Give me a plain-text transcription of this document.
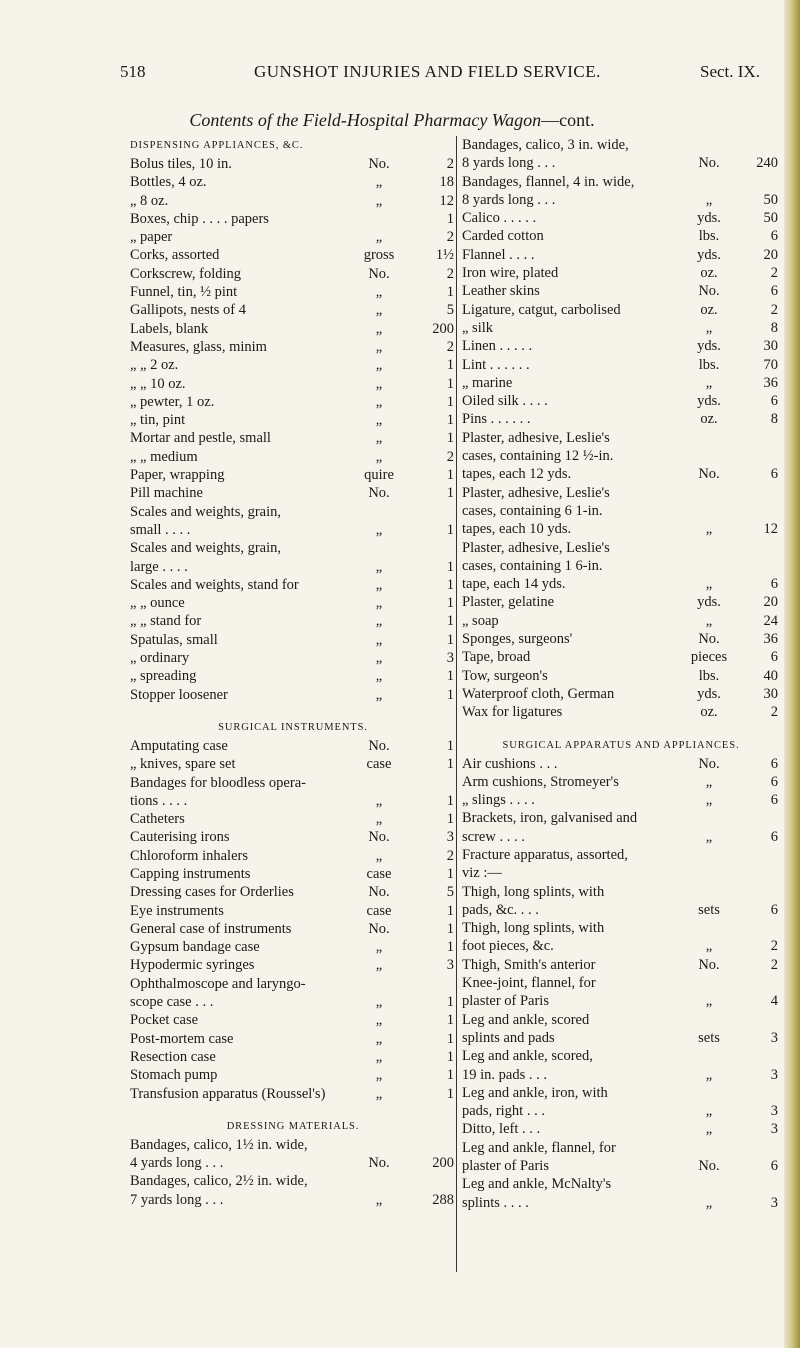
518	GUNSHOT INJURIES AND FIELD SERVICE.	Sect. IX.
Contents of the Field-Hospital Pharmacy Wagon—cont.
DISPENSING APPLIANCES, &C.
Bolus tiles, 10 in.	No.	2
Bottles, 4 oz.	„	18
„ 8 oz.	„	12
Boxes, chip . . . . papers	1
„ paper	„	2
Corks, assorted	gross	1½
Corkscrew, folding	No.	2
Funnel, tin, ½ pint	„	1
Gallipots, nests of 4	„	5
Labels, blank	„	200
Measures, glass, minim	„	2
„ „ 2 oz.	„	1
„ „ 10 oz.	„	1
„ pewter, 1 oz.	„	1
„ tin, pint	„	1
Mortar and pestle, small	„	1
„ „ medium	„	2
Paper, wrapping	quire	1
Pill machine	No.	1
Scales and weights, grain,
small . . . .	„	1
Scales and weights, grain,
large . . . .	„	1
Scales and weights, stand for	„	1
„ „ ounce	„	1
„ „ stand for	„	1
Spatulas, small	„	1
„ ordinary	„	3
„ spreading	„	1
Stopper loosener	„	1
SURGICAL INSTRUMENTS.
Amputating case	No.	1
„ knives, spare set	case	1
Bandages for bloodless opera-
tions . . . .	„	1
Catheters	„	1
Cauterising irons	No.	3
Chloroform inhalers	„	2
Capping instruments	case	1
Dressing cases for Orderlies	No.	5
Eye instruments	case	1
General case of instruments	No.	1
Gypsum bandage case	„	1
Hypodermic syringes	„	3
Ophthalmoscope and laryngo-
scope case . . .	„	1
Pocket case	„	1
Post-mortem case	„	1
Resection case	„	1
Stomach pump	„	1
Transfusion apparatus (Roussel's)	„	1
DRESSING MATERIALS.
Bandages, calico, 1½ in. wide,
4 yards long . . .	No.	200
Bandages, calico, 2½ in. wide,
7 yards long . . .	„	288
Bandages, calico, 3 in. wide,
8 yards long . . .	No.	240
Bandages, flannel, 4 in. wide,
8 yards long . . .	„	50
Calico . . . . .	yds.	50
Carded cotton	lbs.	6
Flannel . . . .	yds.	20
Iron wire, plated	oz.	2
Leather skins	No.	6
Ligature, catgut, carbolised	oz.	2
„ silk	„	8
Linen . . . . .	yds.	30
Lint . . . . . .	lbs.	70
„ marine	„	36
Oiled silk . . . .	yds.	6
Pins . . . . . .	oz.	8
Plaster, adhesive, Leslie's
cases, containing 12 ½-in.
tapes, each 12 yds.	No.	6
Plaster, adhesive, Leslie's
cases, containing 6 1-in.
tapes, each 10 yds.	„	12
Plaster, adhesive, Leslie's
cases, containing 1 6-in.
tape, each 14 yds.	„	6
Plaster, gelatine	yds.	20
„ soap	„	24
Sponges, surgeons'	No.	36
Tape, broad	pieces	6
Tow, surgeon's	lbs.	40
Waterproof cloth, German	yds.	30
Wax for ligatures	oz.	2
SURGICAL APPARATUS AND APPLIANCES.
Air cushions . . .	No.	6
Arm cushions, Stromeyer's	„	6
„ slings . . . .	„	6
Brackets, iron, galvanised and
screw . . . .	„	6
Fracture apparatus, assorted,
viz :—
Thigh, long splints, with
pads, &c. . . .	sets	6
Thigh, long splints, with
foot pieces, &c.	„	2
Thigh, Smith's anterior	No.	2
Knee-joint, flannel, for
plaster of Paris	„	4
Leg and ankle, scored
splints and pads	sets	3
Leg and ankle, scored,
19 in. pads . . .	„	3
Leg and ankle, iron, with
pads, right . . .	„	3
Ditto, left . . .	„	3
Leg and ankle, flannel, for
plaster of Paris	No.	6
Leg and ankle, McNalty's
splints . . . .	„	3
